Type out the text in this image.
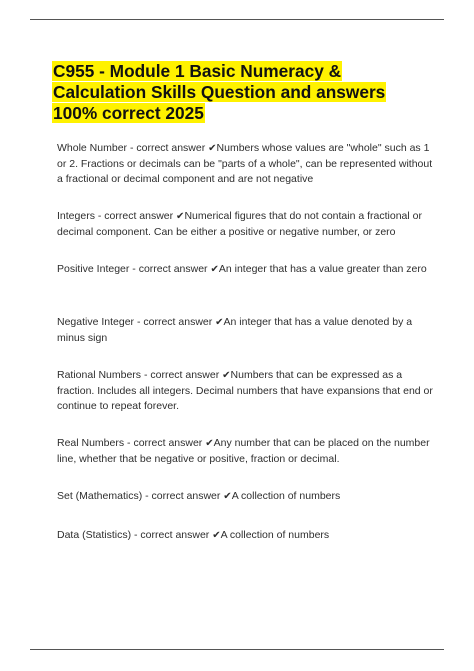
C955 - Module 1 Basic Numeracy &
Calculation Skills Question and answers
100% correct 2025

Whole Number - correct answer ✔Numbers whose values are "whole" such as 1 or 2. Fractions or decimals can be "parts of a whole", can be represented without a fractional or decimal component and are not negative

Integers - correct answer ✔Numerical figures that do not contain a fractional or decimal component. Can be either a positive or negative number, or zero

Positive Integer - correct answer ✔An integer that has a value greater than zero

Negative Integer - correct answer ✔An integer that has a value denoted by a minus sign

Rational Numbers - correct answer ✔Numbers that can be expressed as a fraction. Includes all integers. Decimal numbers that have expansions that end or continue to repeat forever.

Real Numbers - correct answer ✔Any number that can be placed on the number line, whether that be negative or positive, fraction or decimal.

Set (Mathematics) - correct answer ✔A collection of numbers

Data (Statistics) - correct answer ✔A collection of numbers
